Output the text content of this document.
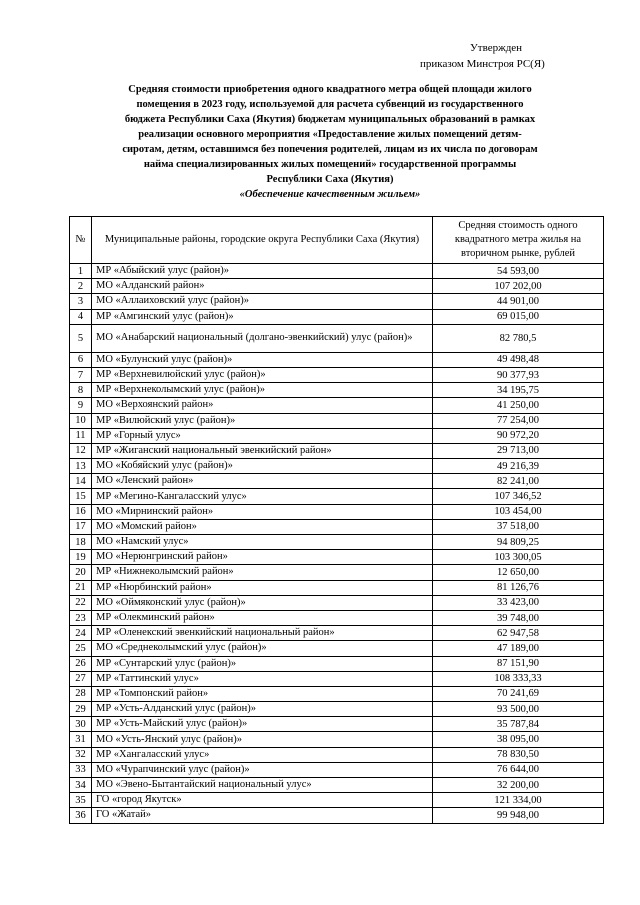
Утвержден
приказом Минстроя РС(Я)
Средняя стоимости приобретения одного квадратного метра общей площади жилого
помещения в 2023 году, используемой для расчета субвенций из государственного
бюджета Республики Саха (Якутия) бюджетам муниципальных образований в рамках
реализации основного мероприятия «Предоставление жилых помещений детям-
сиротам, детям, оставшимся без попечения родителей, лицам из их числа по договорам
найма специализированных жилых помещений» государственной программы
Республики Саха (Якутия)
«Обеспечение качественным жильем»
№	Муниципальные районы, городские округа Республики Саха (Якутия)	Средняя стоимость одного квадратного метра жилья на вторичном рынке, рублей
1	МР «Абыйский улус (район)»	54 593,00
2	МО «Алданский район»	107 202,00
3	МО «Аллаиховский улус (район)»	44 901,00
4	МР «Амгинский улус (район)»	69 015,00
5	МО «Анабарский национальный (долгано-эвенкийский) улус (район)»	82 780,5
6	МО «Булунский улус (район)»	49 498,48
7	МР «Верхневилюйский улус (район)»	90 377,93
8	МР «Верхнеколымский улус (район)»	34 195,75
9	МО «Верхоянский район»	41 250,00
10	МР «Вилюйский улус (район)»	77 254,00
11	МР «Горный улус»	90 972,20
12	МР «Жиганский национальный эвенкийский район»	29 713,00
13	МО «Кобяйский улус (район)»	49 216,39
14	МО «Ленский район»	82 241,00
15	МР «Мегино-Кангаласский улус»	107 346,52
16	МО «Мирнинский район»	103 454,00
17	МО «Момский район»	37 518,00
18	МО «Намский улус»	94 809,25
19	МО «Нерюнгринский район»	103 300,05
20	МР «Нижнеколымский район»	12 650,00
21	МР «Нюрбинский район»	81 126,76
22	МО «Оймяконский улус (район)»	33 423,00
23	МР «Олекминский район»	39 748,00
24	МР «Оленекский эвенкийский национальный район»	62 947,58
25	МО «Среднеколымский улус (район)»	47 189,00
26	МР «Сунтарский улус (район)»	87 151,90
27	МР «Таттинский улус»	108 333,33
28	МР «Томпонский район»	70 241,69
29	МР «Усть-Алданский улус (район)»	93 500,00
30	МР «Усть-Майский улус (район)»	35 787,84
31	МО «Усть-Янский улус (район)»	38 095,00
32	МР «Хангаласский улус»	78 830,50
33	МО «Чурапчинский улус (район)»	76 644,00
34	МО «Эвено-Бытантайский национальный улус»	32 200,00
35	ГО «город Якутск»	121 334,00
36	ГО «Жатай»	99 948,00
